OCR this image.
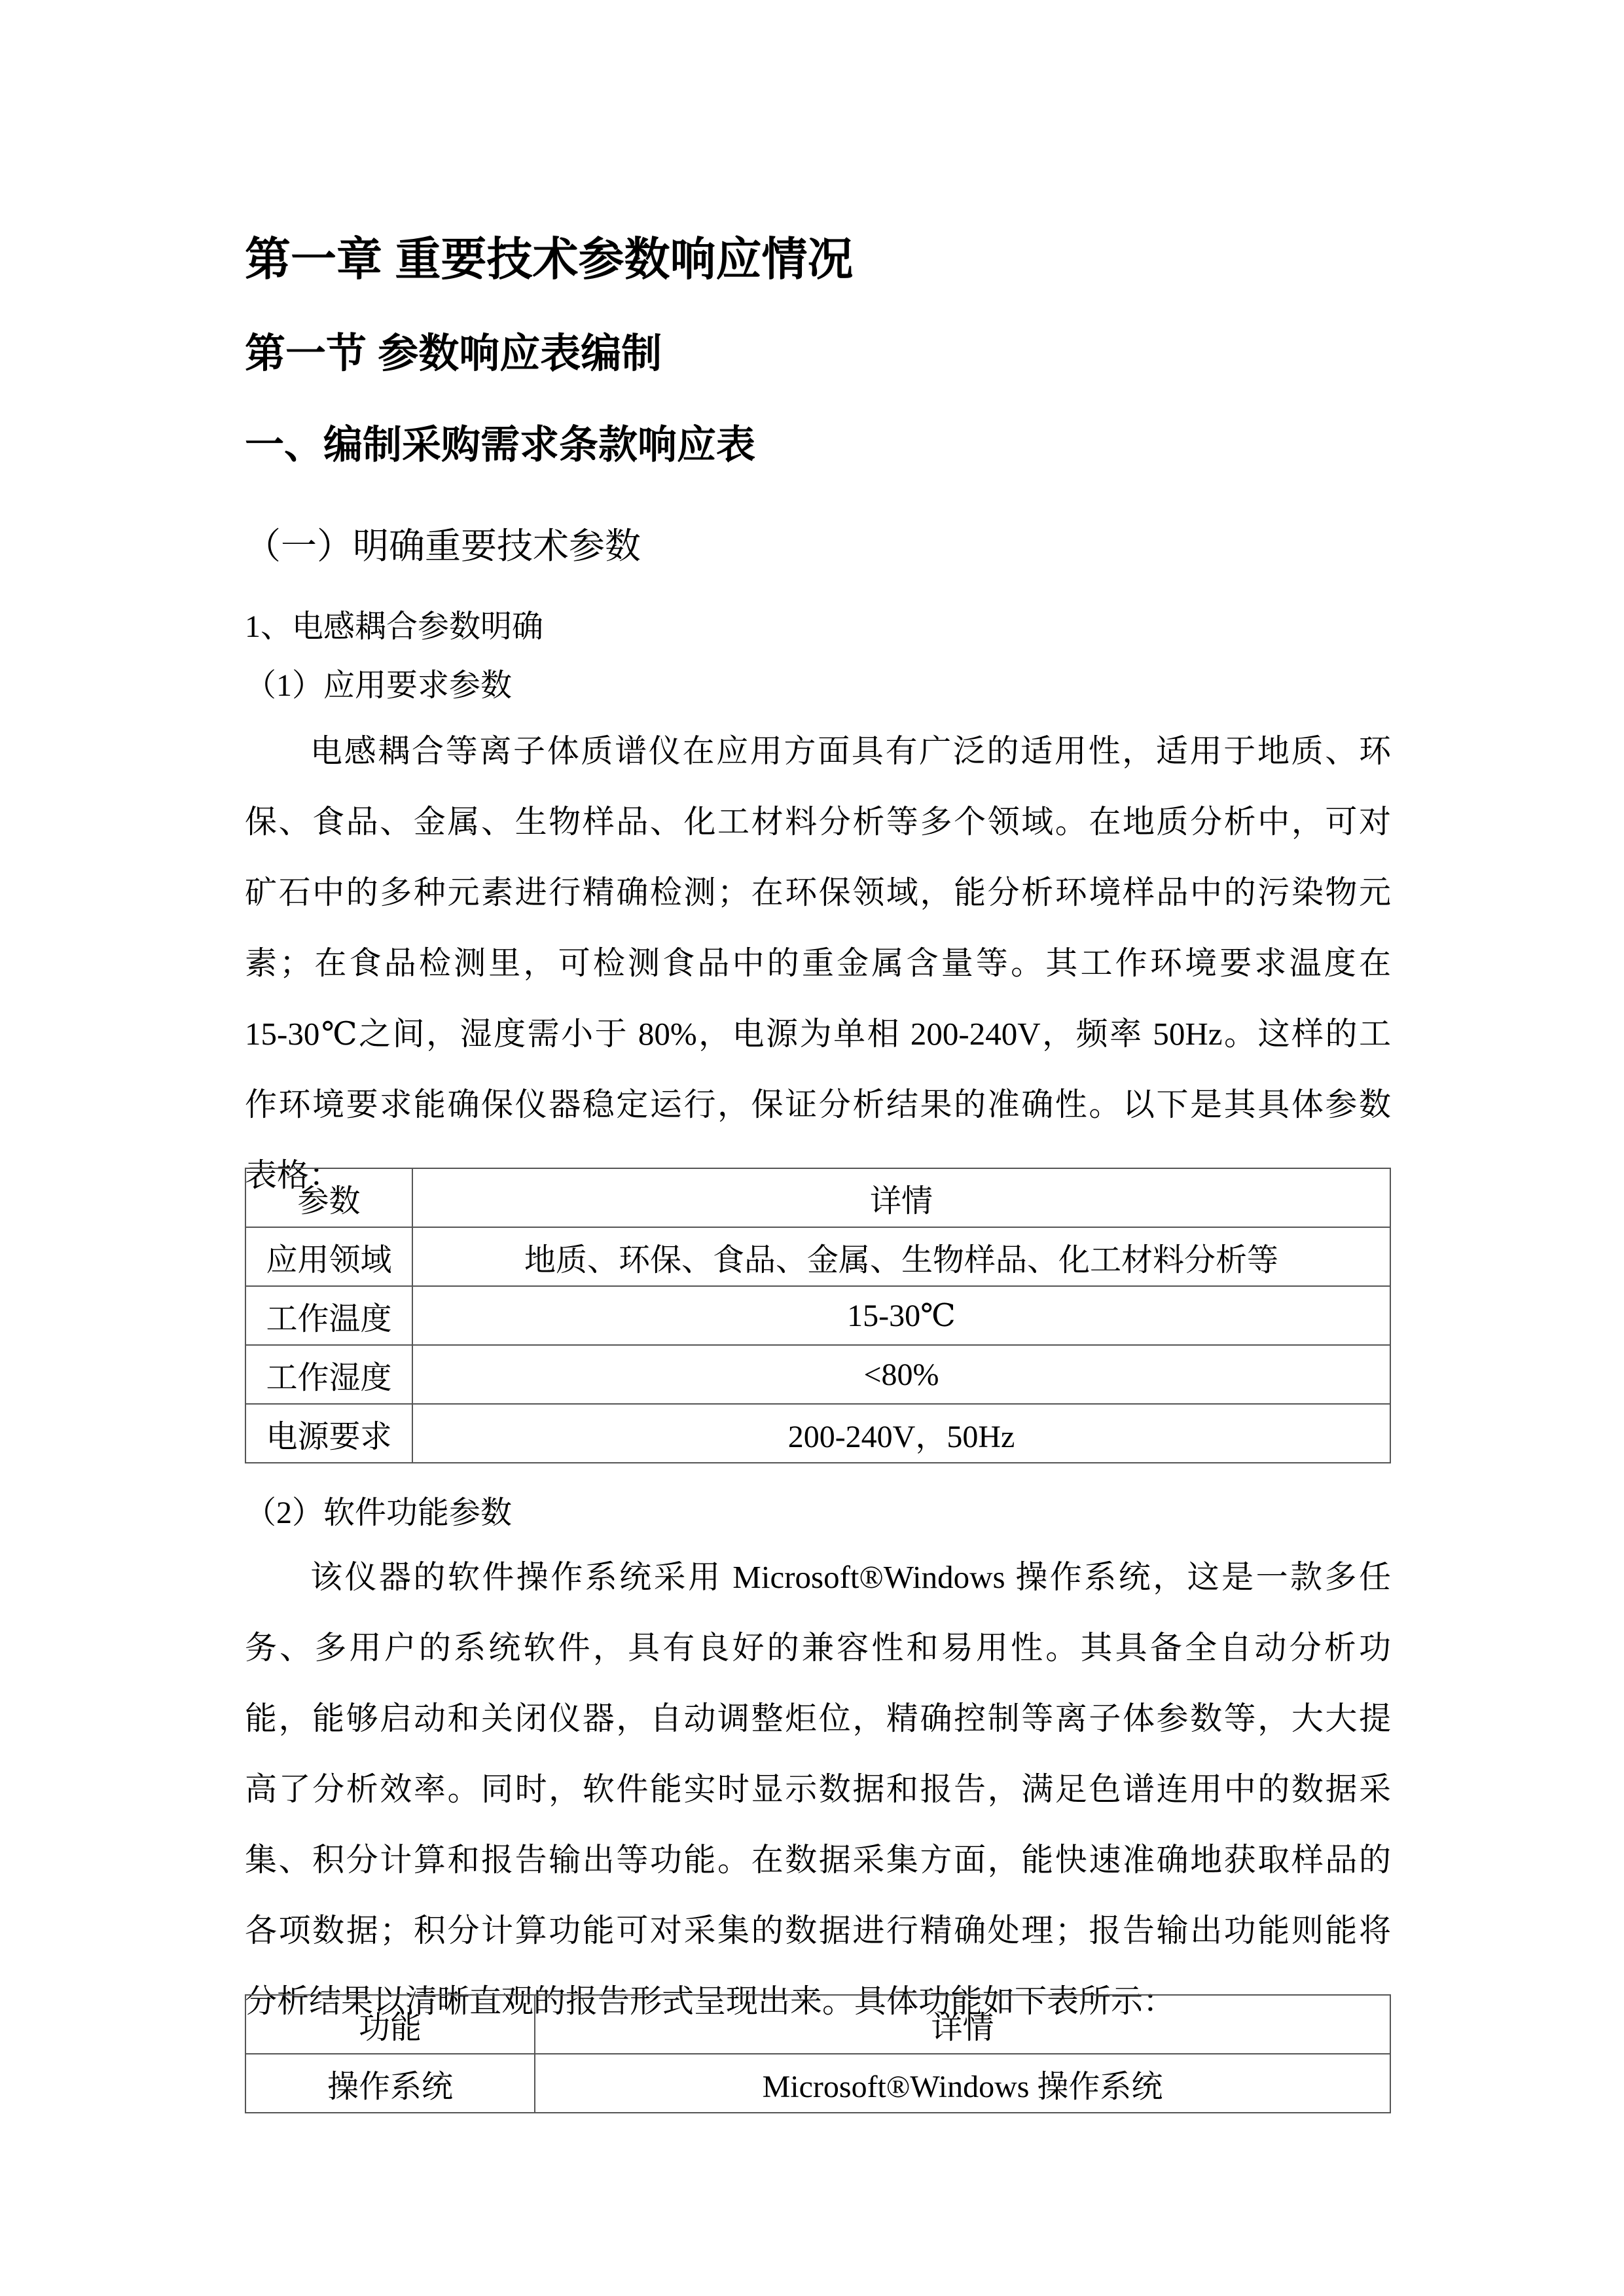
第一章 重要技术参数响应情况
第一节 参数响应表编制
一、编制采购需求条款响应表
（一）明确重要技术参数
1、电感耦合参数明确
（1）应用要求参数
电感耦合等离子体质谱仪在应用方面具有广泛的适用性，适用于地质、环
保、食品、金属、生物样品、化工材料分析等多个领域。在地质分析中，可对
矿石中的多种元素进行精确检测；在环保领域，能分析环境样品中的污染物元
素；在食品检测里，可检测食品中的重金属含量等。其工作环境要求温度在
15-30℃之间，湿度需小于 80%，电源为单相 200-240V，频率 50Hz。这样的工
作环境要求能确保仪器稳定运行，保证分析结果的准确性。以下是其具体参数
表格：
参数	详情
应用领域	地质、环保、食品、金属、生物样品、化工材料分析等
工作温度	15-30℃
工作湿度	<80%
电源要求	200-240V，50Hz
（2）软件功能参数
该仪器的软件操作系统采用 Microsoft®Windows 操作系统，这是一款多任
务、多用户的系统软件，具有良好的兼容性和易用性。其具备全自动分析功
能，能够启动和关闭仪器，自动调整炬位，精确控制等离子体参数等，大大提
高了分析效率。同时，软件能实时显示数据和报告，满足色谱连用中的数据采
集、积分计算和报告输出等功能。在数据采集方面，能快速准确地获取样品的
各项数据；积分计算功能可对采集的数据进行精确处理；报告输出功能则能将
分析结果以清晰直观的报告形式呈现出来。具体功能如下表所示：
功能	详情
操作系统	Microsoft®Windows 操作系统
